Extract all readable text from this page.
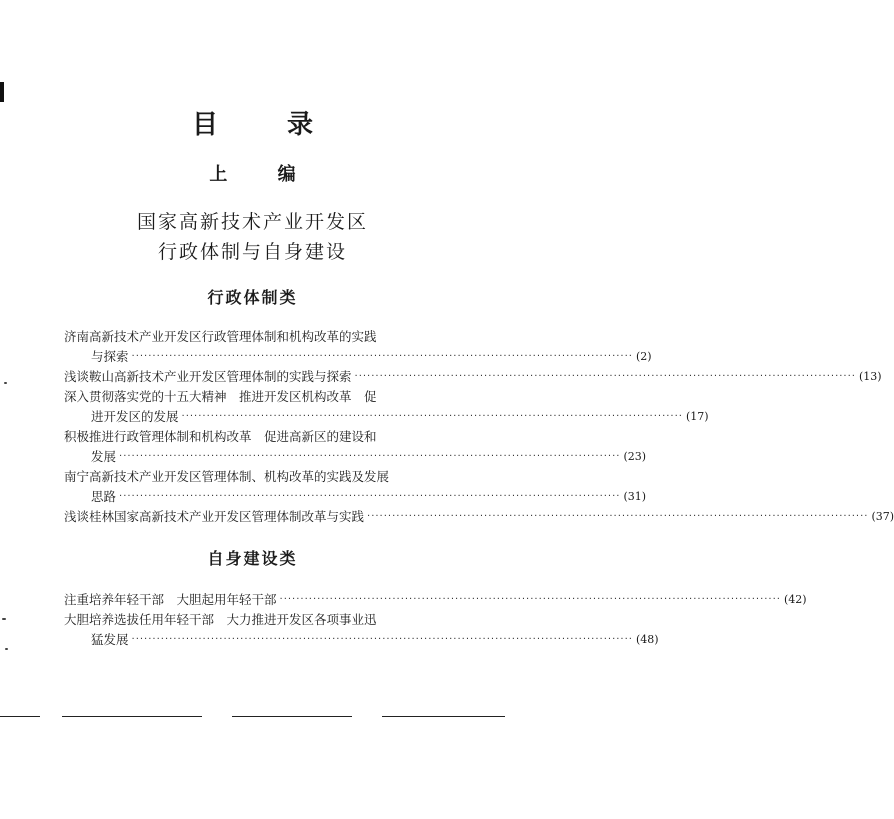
目 录
上 编
国家高新技术产业开发区
行政体制与自身建设
行政体制类
济南高新技术产业开发区行政管理体制和机构改革的实践
与探索 ························································································································ (2)
浅谈鞍山高新技术产业开发区管理体制的实践与探索 ························································································································ (13)
深入贯彻落实党的十五大精神　推进开发区机构改革　促
进开发区的发展 ························································································································ (17)
积极推进行政管理体制和机构改革　促进高新区的建设和
发展 ························································································································ (23)
南宁高新技术产业开发区管理体制、机构改革的实践及发展
思路 ························································································································ (31)
浅谈桂林国家高新技术产业开发区管理体制改革与实践 ························································································································ (37)
自身建设类
注重培养年轻干部　大胆起用年轻干部 ························································································································ (42)
大胆培养选拔任用年轻干部　大力推进开发区各项事业迅
猛发展 ························································································································ (48)
